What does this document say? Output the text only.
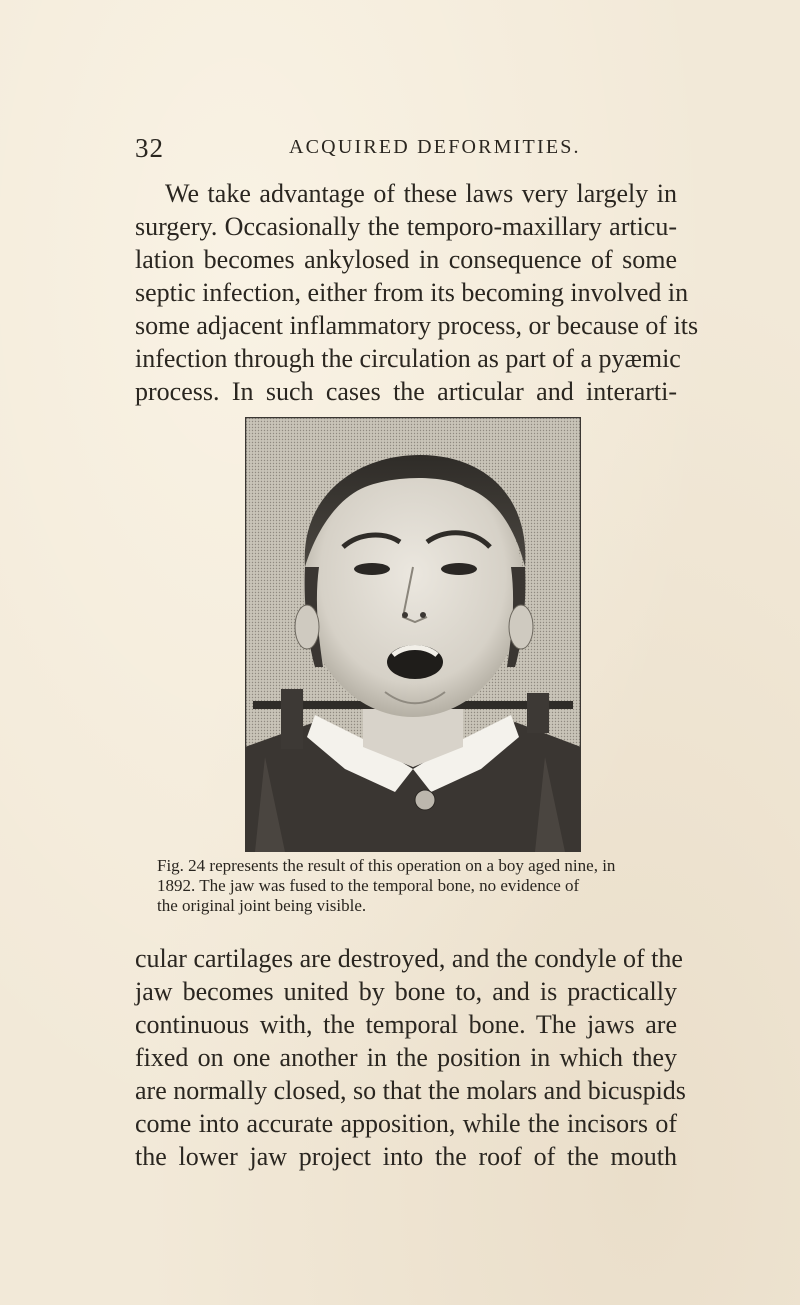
32	ACQUIRED DEFORMITIES.

We take advantage of these laws very largely in
surgery. Occasionally the temporo-maxillary articu-
lation becomes ankylosed in consequence of some
septic infection, either from its becoming involved in
some adjacent inflammatory process, or because of its
infection through the circulation as part of a pyæmic
process. In such cases the articular and interarti-

Fig. 24 represents the result of this operation on a boy aged nine, in
1892. The jaw was fused to the temporal bone, no evidence of
the original joint being visible.

cular cartilages are destroyed, and the condyle of the
jaw becomes united by bone to, and is practically
continuous with, the temporal bone. The jaws are
fixed on one another in the position in which they
are normally closed, so that the molars and bicuspids
come into accurate apposition, while the incisors of
the lower jaw project into the roof of the mouth
